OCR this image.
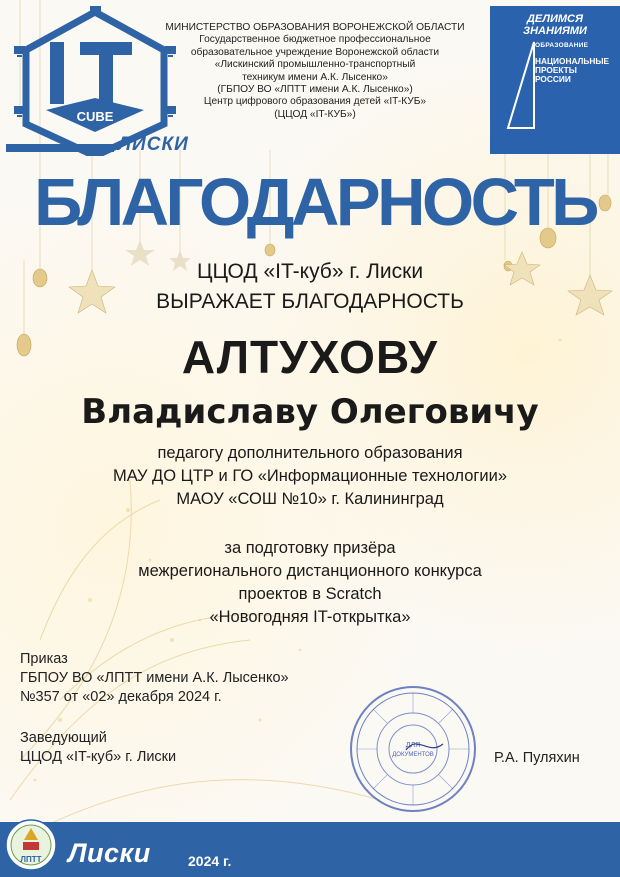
CUBE
IT
ЛИСКИ
МИНИСТЕРСТВО ОБРАЗОВАНИЯ ВОРОНЕЖСКОЙ ОБЛАСТИ
Государственное бюджетное профессиональное
образовательное учреждение Воронежской области
«Лискинский промышленно-транспортный
техникум имени А.К. Лысенко»
(ГБПОУ ВО «ЛПТТ имени А.К. Лысенко»)
Центр цифрового образования детей «IT-КУБ»
(ЦЦОД «IT-КУБ»)
ДЕЛИМСЯ ЗНАНИЯМИ
ОБРАЗОВАНИЕ
НАЦИОНАЛЬНЫЕ
ПРОЕКТЫ
РОССИИ
БЛАГОДАРНОСТЬ
ЦЦОД «IT-куб» г. Лиски
ВЫРАЖАЕТ БЛАГОДАРНОСТЬ
АЛТУХОВУ
Владиславу Олеговичу
педагогу дополнительного образования
МАУ ДО ЦТР и ГО «Информационные технологии»
МАОУ «СОШ №10» г. Калининград
за подготовку призёра
межрегионального дистанционного конкурса
проектов в Scratch
«Новогодняя IT-открытка»
Приказ
ГБПОУ ВО «ЛПТТ имени А.К. Лысенко»
№357 от «02» декабря 2024 г.
Заведующий
ЦЦОД «IT-куб» г. Лиски
ДЛЯ
ДОКУМЕНТОВ	Р.А. Пуляхин
ЛПТТ Лиски	2024 г.
